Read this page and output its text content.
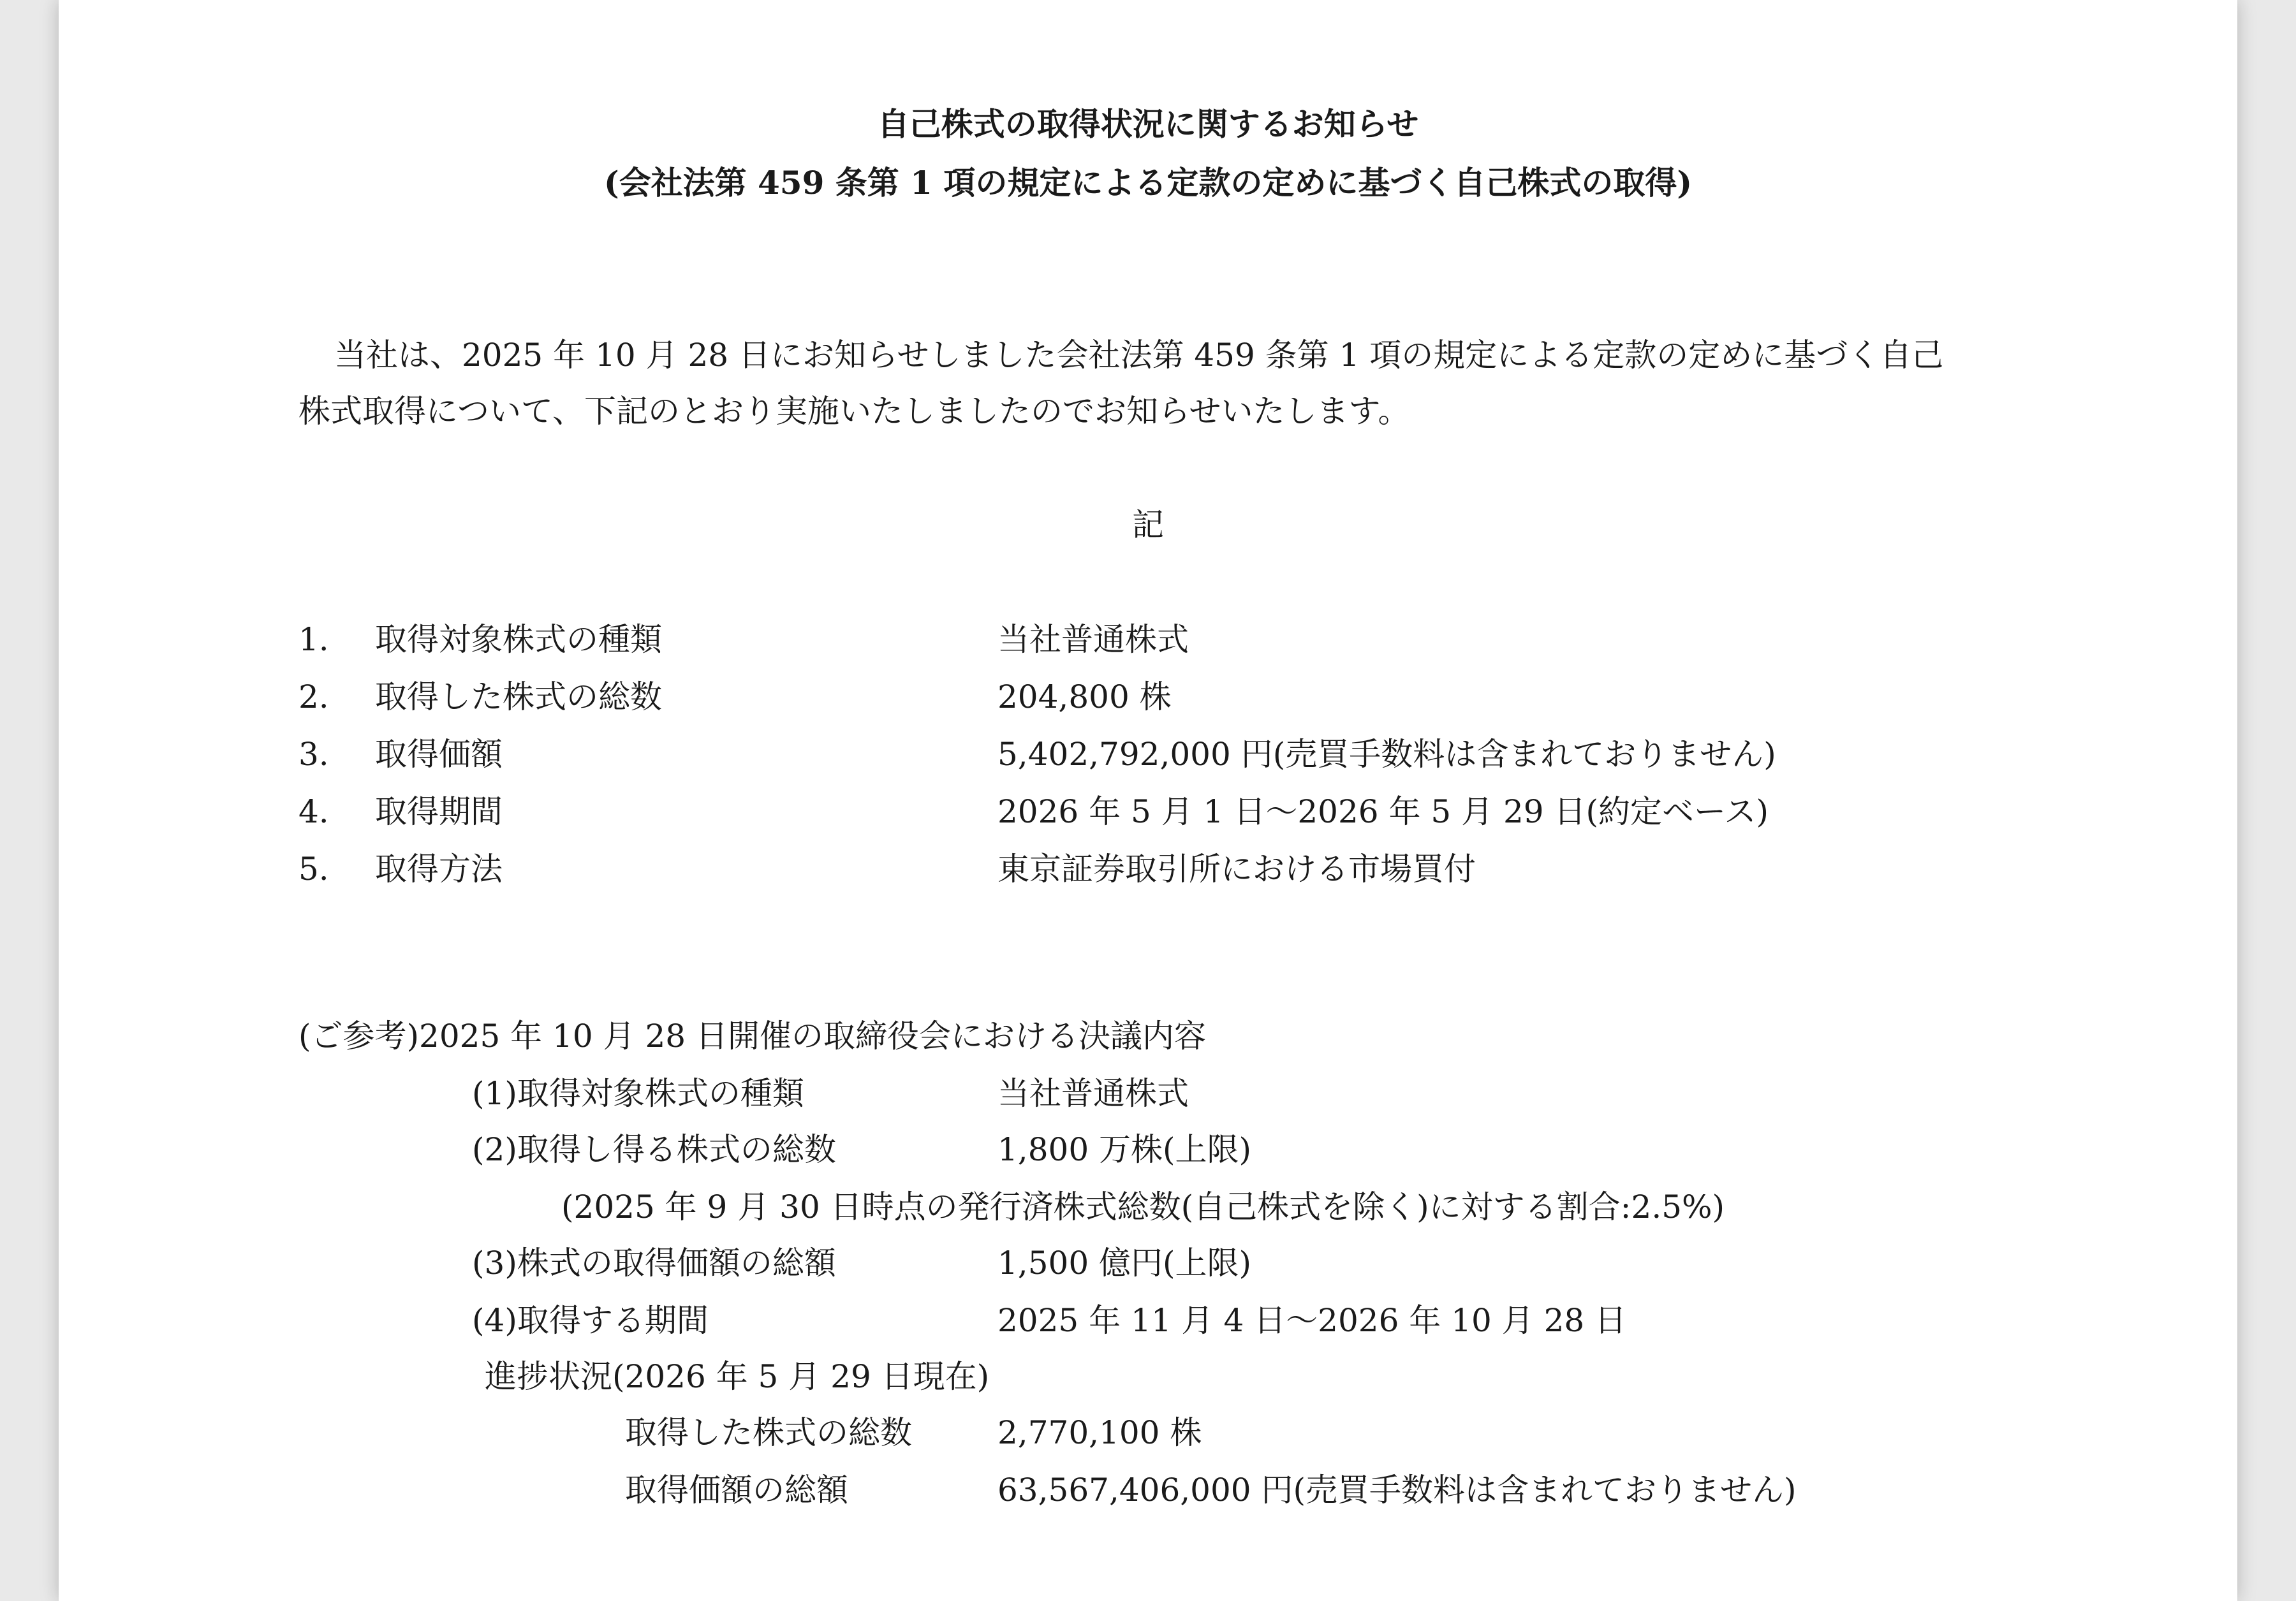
自己株式の取得状況に関するお知らせ

(会社法第 459 条第 1 項の規定による定款の定めに基づく自己株式の取得)

当社は、2025 年 10 月 28 日にお知らせしました会社法第 459 条第 1 項の規定による定款の定めに基づく自己

株式取得について、下記のとおり実施いたしましたのでお知らせいたします。

記

1. 取得対象株式の種類	当社普通株式
2. 取得した株式の総数	204,800 株
3. 取得価額	5,402,792,000 円(売買手数料は含まれておりません)
4. 取得期間	2026 年 5 月 1 日～2026 年 5 月 29 日(約定ベース)
5. 取得方法	東京証券取引所における市場買付

(ご参考)2025 年 10 月 28 日開催の取締役会における決議内容

(1)取得対象株式の種類	当社普通株式
(2)取得し得る株式の総数	1,800 万株(上限)

(2025 年 9 月 30 日時点の発行済株式総数(自己株式を除く)に対する割合:2.5%)

(3)株式の取得価額の総額	1,500 億円(上限)
(4)取得する期間	2025 年 11 月 4 日～2026 年 10 月 28 日

進捗状況(2026 年 5 月 29 日現在)

取得した株式の総数	2,770,100 株
取得価額の総額	63,567,406,000 円(売買手数料は含まれておりません)
